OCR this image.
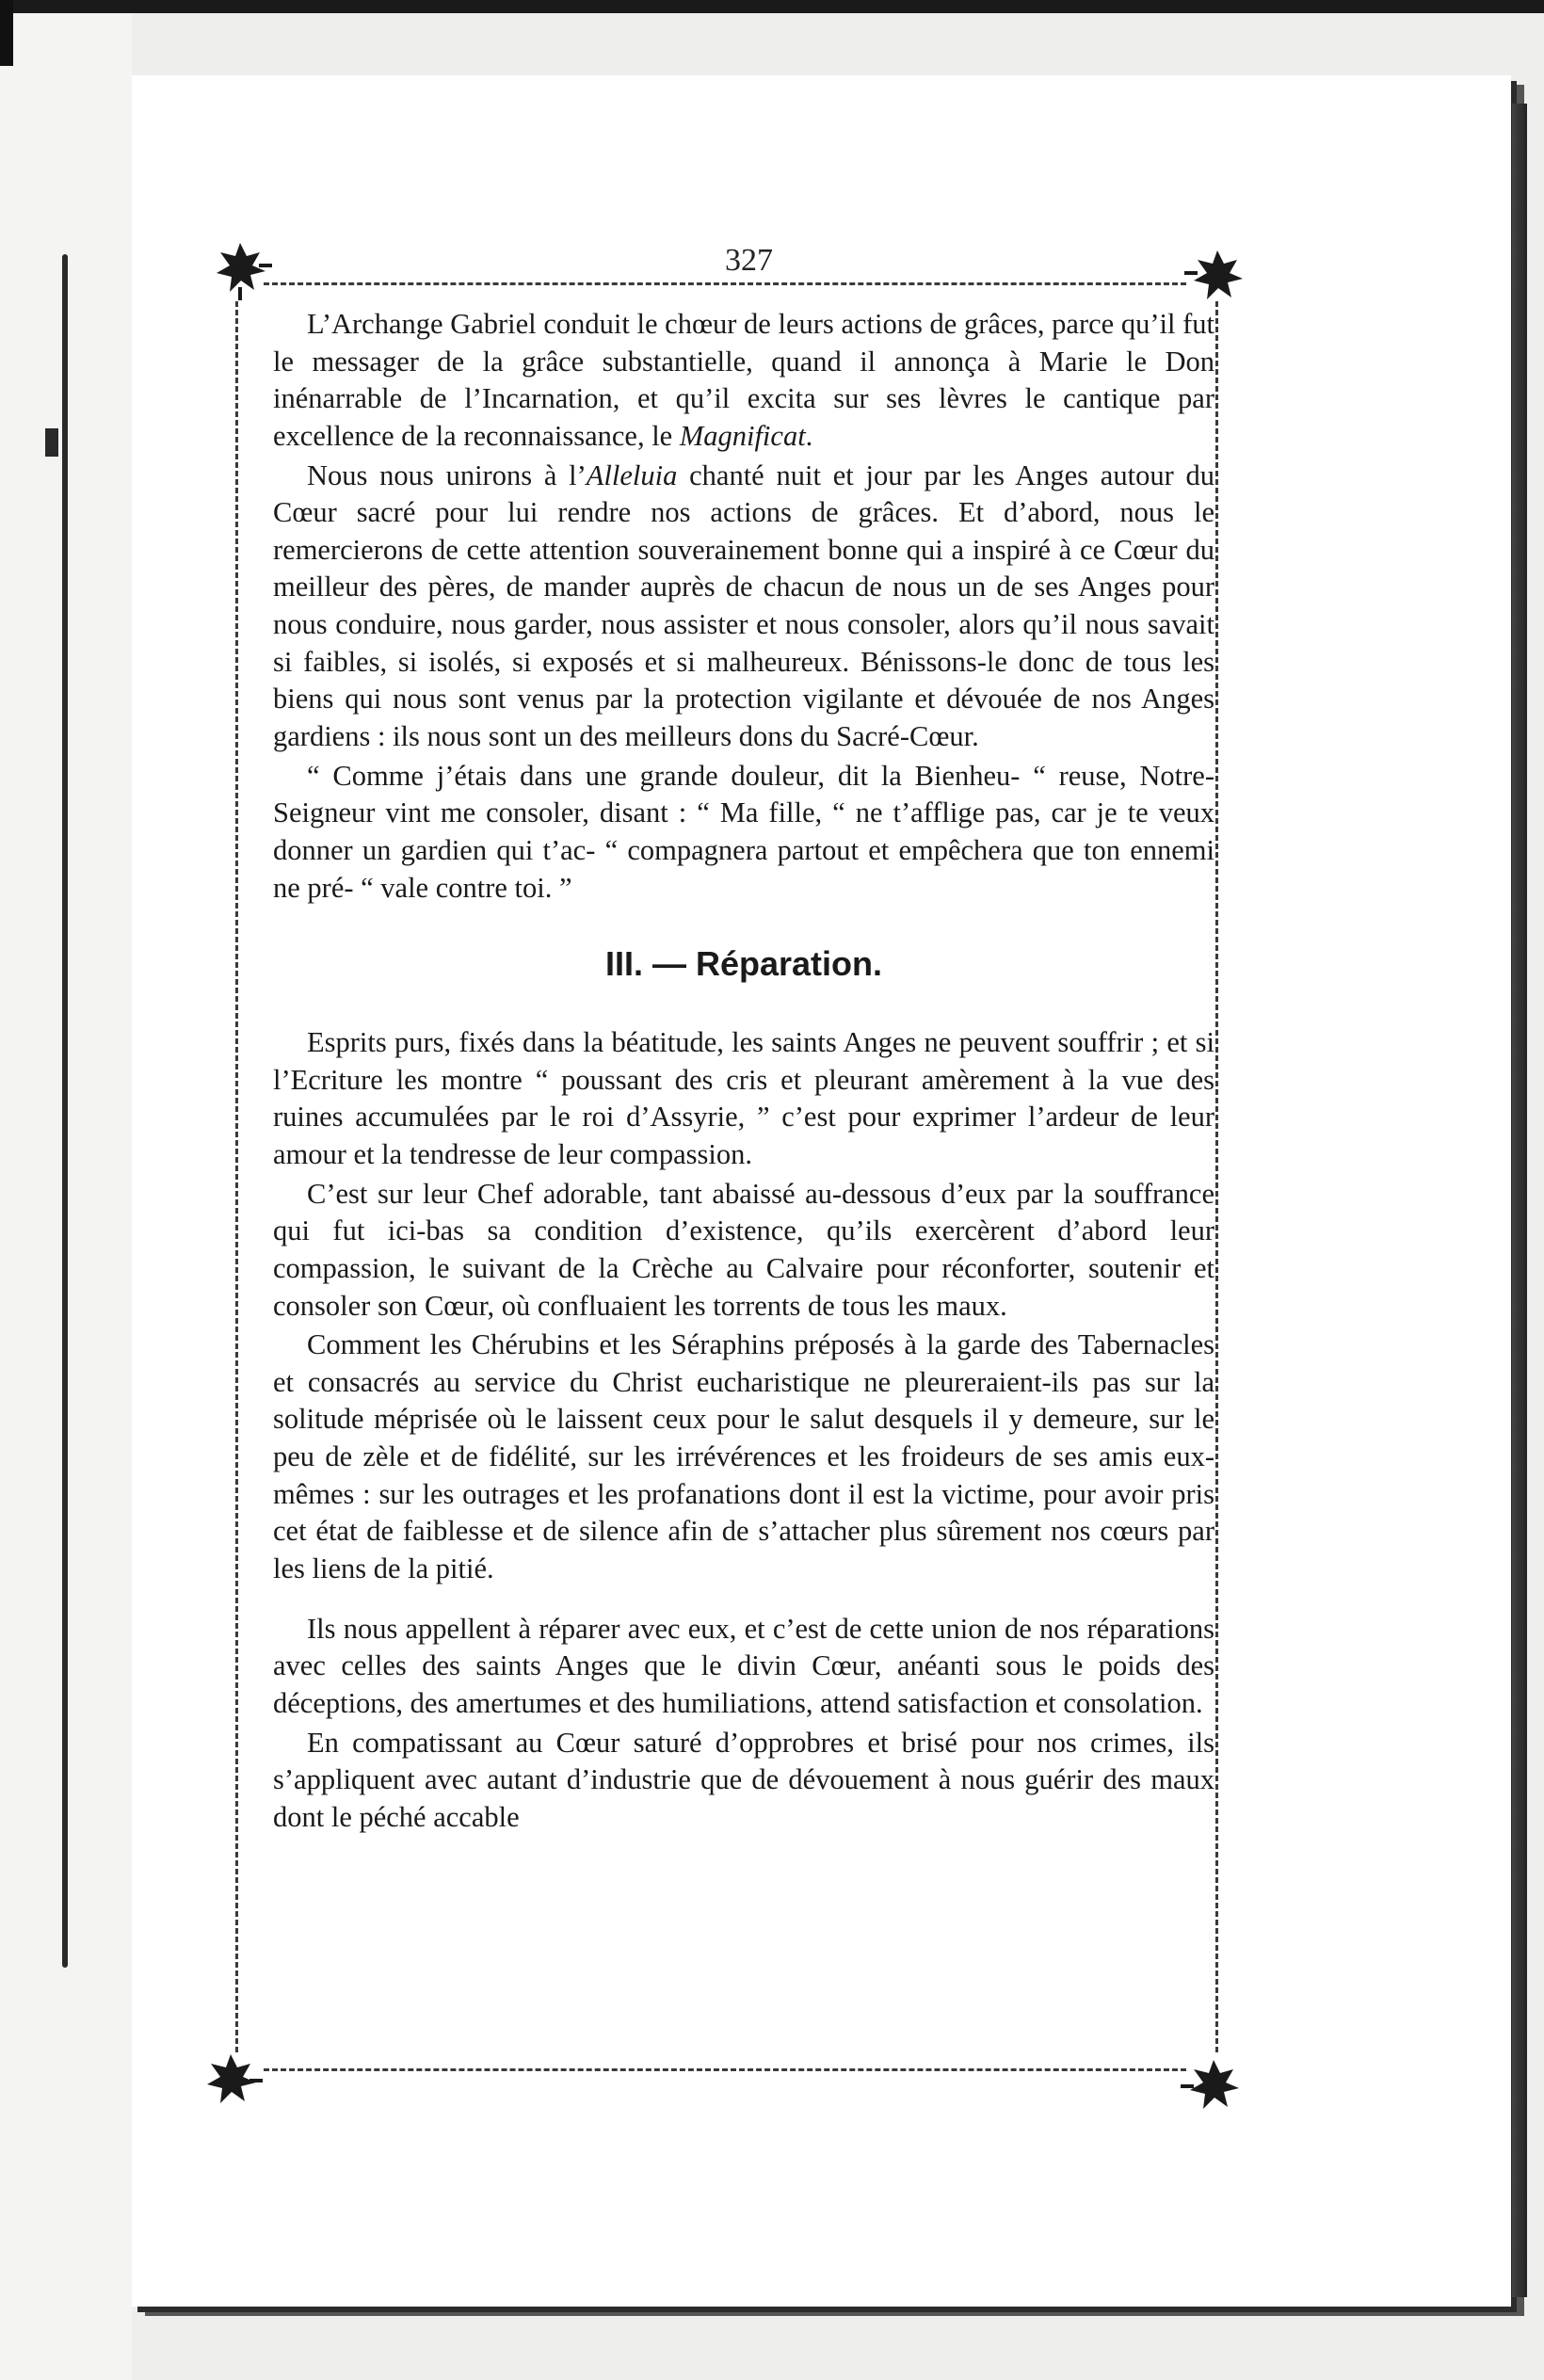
327

L’Archange Gabriel conduit le chœur de leurs actions de grâces, parce qu’il fut le messager de la grâce substantielle, quand il annonça à Marie le Don inénarrable de l’Incarnation, et qu’il excita sur ses lèvres le cantique par excellence de la reconnaissance, le Magnificat.

Nous nous unirons à l’Alleluia chanté nuit et jour par les Anges autour du Cœur sacré pour lui rendre nos actions de grâces. Et d’abord, nous le remercierons de cette attention souverainement bonne qui a inspiré à ce Cœur du meilleur des pères, de mander auprès de chacun de nous un de ses Anges pour nous conduire, nous garder, nous assister et nous consoler, alors qu’il nous savait si faibles, si isolés, si exposés et si malheureux. Bénissons-le donc de tous les biens qui nous sont venus par la protection vigilante et dévouée de nos Anges gardiens : ils nous sont un des meilleurs dons du Sacré-Cœur.

“ Comme j’étais dans une grande douleur, dit la Bienheu- “ reuse, Notre-Seigneur vint me consoler, disant : “ Ma fille, “ ne t’afflige pas, car je te veux donner un gardien qui t’ac- “ compagnera partout et empêchera que ton ennemi ne pré- “ vale contre toi. ”

III. — Réparation.

Esprits purs, fixés dans la béatitude, les saints Anges ne peuvent souffrir ; et si l’Ecriture les montre “ poussant des cris et pleurant amèrement à la vue des ruines accumulées par le roi d’Assyrie, ” c’est pour exprimer l’ardeur de leur amour et la tendresse de leur compassion.

C’est sur leur Chef adorable, tant abaissé au-dessous d’eux par la souffrance qui fut ici-bas sa condition d’existence, qu’ils exercèrent d’abord leur compassion, le suivant de la Crèche au Calvaire pour réconforter, soutenir et consoler son Cœur, où confluaient les torrents de tous les maux.

Comment les Chérubins et les Séraphins préposés à la garde des Tabernacles et consacrés au service du Christ eucharistique ne pleureraient-ils pas sur la solitude méprisée où le laissent ceux pour le salut desquels il y demeure, sur le peu de zèle et de fidélité, sur les irrévérences et les froideurs de ses amis eux-mêmes : sur les outrages et les profanations dont il est la victime, pour avoir pris cet état de faiblesse et de silence afin de s’attacher plus sûrement nos cœurs par les liens de la pitié.

Ils nous appellent à réparer avec eux, et c’est de cette union de nos réparations avec celles des saints Anges que le divin Cœur, anéanti sous le poids des déceptions, des amertumes et des humiliations, attend satisfaction et consolation.

En compatissant au Cœur saturé d’opprobres et brisé pour nos crimes, ils s’appliquent avec autant d’industrie que de dévouement à nous guérir des maux dont le péché accable
